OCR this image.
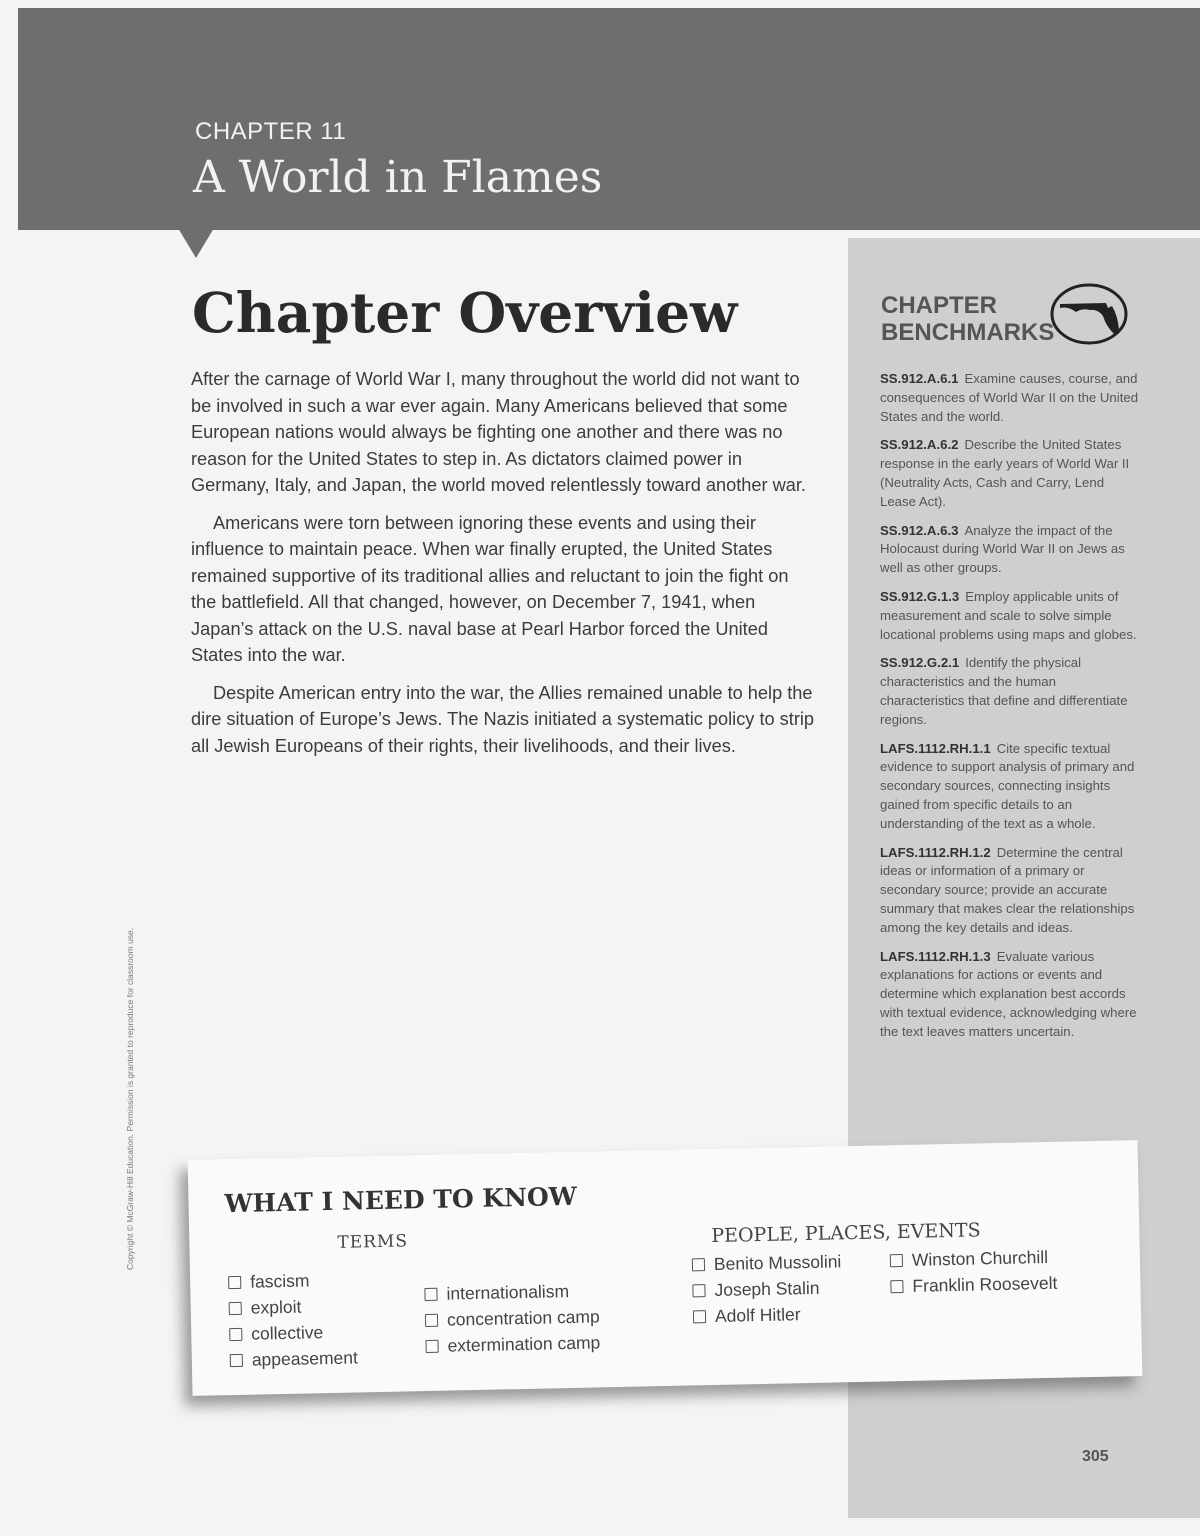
CHAPTER 11
A World in Flames
CHAPTER BENCHMARKS
SS.912.A.6.1 Examine causes, course, and consequences of World War II on the United States and the world.
SS.912.A.6.2 Describe the United States response in the early years of World War II (Neutrality Acts, Cash and Carry, Lend Lease Act).
SS.912.A.6.3 Analyze the impact of the Holocaust during World War II on Jews as well as other groups.
SS.912.G.1.3 Employ applicable units of measurement and scale to solve simple locational problems using maps and globes.
SS.912.G.2.1 Identify the physical characteristics and the human characteristics that define and differentiate regions.
LAFS.1112.RH.1.1 Cite specific textual evidence to support analysis of primary and secondary sources, connecting insights gained from specific details to an understanding of the text as a whole.
LAFS.1112.RH.1.2 Determine the central ideas or information of a primary or secondary source; provide an accurate summary that makes clear the relationships among the key details and ideas.
LAFS.1112.RH.1.3 Evaluate various explanations for actions or events and determine which explanation best accords with textual evidence, acknowledging where the text leaves matters uncertain.
Chapter Overview

After the carnage of World War I, many throughout the world did not want to be involved in such a war ever again. Many Americans believed that some European nations would always be fighting one another and there was no reason for the United States to step in. As dictators claimed power in Germany, Italy, and Japan, the world moved relentlessly toward another war.

Americans were torn between ignoring these events and using their influence to maintain peace. When war finally erupted, the United States remained supportive of its traditional allies and reluctant to join the fight on the battlefield. All that changed, however, on December 7, 1941, when Japan’s attack on the U.S. naval base at Pearl Harbor forced the United States into the war.

Despite American entry into the war, the Allies remained unable to help the dire situation of Europe’s Jews. The Nazis initiated a systematic policy to strip all Jewish Europeans of their rights, their livelihoods, and their lives.

Copyright © McGraw-Hill Education. Permission is granted to reproduce for classroom use.	WHAT I NEED TO KNOW
TERMS	PEOPLE, PLACES, EVENTS
fascism
exploit
collective
appeasement
internationalism
concentration camp
extermination camp
Benito Mussolini
Joseph Stalin
Adolf Hitler
Winston Churchill
Franklin Roosevelt
305
